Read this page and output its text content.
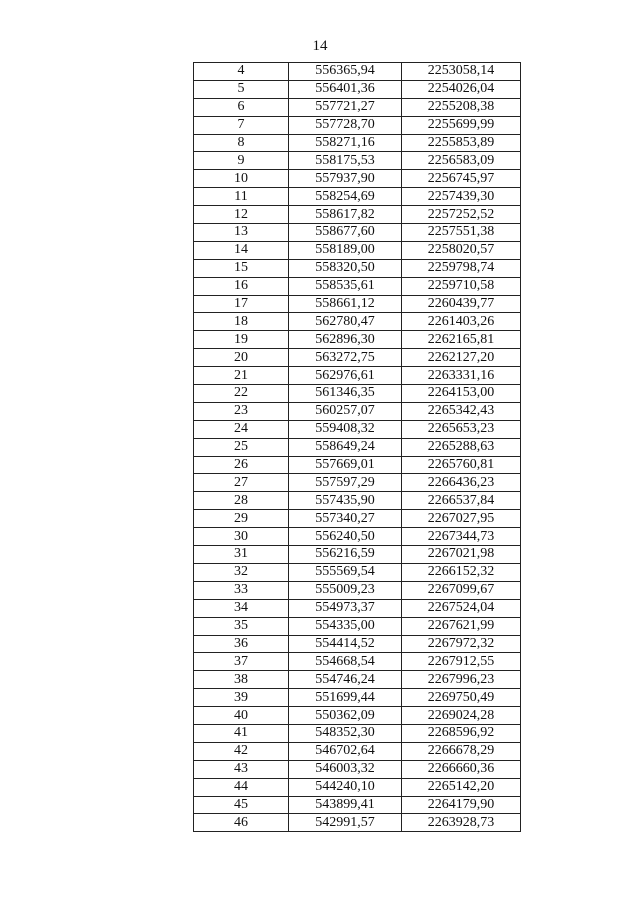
14
4	556365,94	2253058,14
5	556401,36	2254026,04
6	557721,27	2255208,38
7	557728,70	2255699,99
8	558271,16	2255853,89
9	558175,53	2256583,09
10	557937,90	2256745,97
11	558254,69	2257439,30
12	558617,82	2257252,52
13	558677,60	2257551,38
14	558189,00	2258020,57
15	558320,50	2259798,74
16	558535,61	2259710,58
17	558661,12	2260439,77
18	562780,47	2261403,26
19	562896,30	2262165,81
20	563272,75	2262127,20
21	562976,61	2263331,16
22	561346,35	2264153,00
23	560257,07	2265342,43
24	559408,32	2265653,23
25	558649,24	2265288,63
26	557669,01	2265760,81
27	557597,29	2266436,23
28	557435,90	2266537,84
29	557340,27	2267027,95
30	556240,50	2267344,73
31	556216,59	2267021,98
32	555569,54	2266152,32
33	555009,23	2267099,67
34	554973,37	2267524,04
35	554335,00	2267621,99
36	554414,52	2267972,32
37	554668,54	2267912,55
38	554746,24	2267996,23
39	551699,44	2269750,49
40	550362,09	2269024,28
41	548352,30	2268596,92
42	546702,64	2266678,29
43	546003,32	2266660,36
44	544240,10	2265142,20
45	543899,41	2264179,90
46	542991,57	2263928,73
